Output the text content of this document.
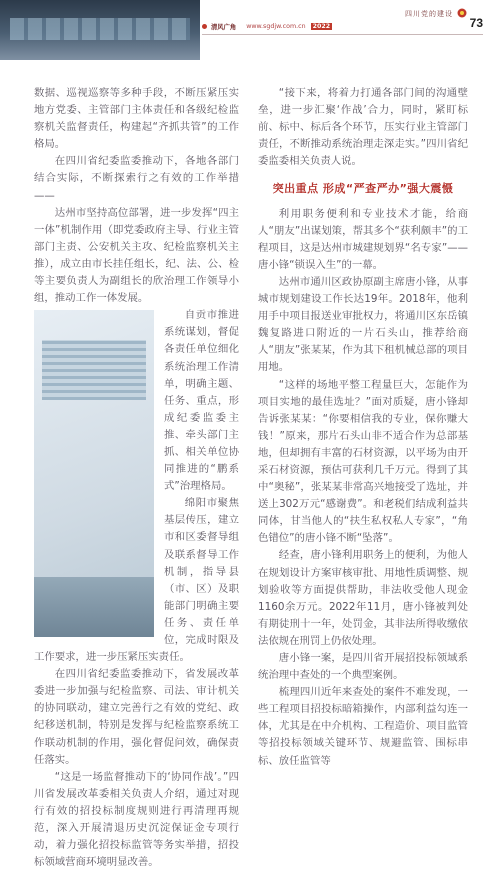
四川党的建设
73
清风广角 www.sgdjw.com.cn	2022

数据、巡视巡察等多种手段，不断压紧压实地方党委、主管部门主体责任和各级纪检监察机关监督责任，构建起“齐抓共管”的工作格局。

在四川省纪委监委推动下，各地各部门结合实际，不断探索行之有效的工作举措——

达州市坚持高位部署，进一步发挥“四主一体”机制作用（即党委政府主导、行业主管部门主责、公安机关主攻、纪检监察机关主推），成立由市长挂任组长，纪、法、公、检等主要负责人为副组长的欣治理工作领导小组，推动工作一体发展。

自贡市推进系统谋划，督促各责任单位细化系统治理工作清单，明确主题、任务、重点，形成纪委监委主推、牵头部门主抓、相关单位协同推进的“鹏系式”治理格局。

绵阳市聚焦基层传压，建立市和区委督导组及联系督导工作机制，指导县（市、区）及职能部门明确主要任务、责任单位，完成时限及工作要求，进一步压紧压实责任。

在四川省纪委监委推动下，省发展改革委进一步加强与纪检监察、司法、审计机关的协同联动，建立完善行之有效的党纪、政纪移送机制，特别是发挥与纪检监察系统工作联动机制的作用，强化督促问效，确保责任落实。

“这是一场监督推动下的‘协同作战’。”四川省发展改革委相关负责人介绍，通过对现行有效的招投标制度规则进行再清理再规范，深入开展清退历史沉淀保证金专项行动，着力强化招投标监管等务实举措，招投标领域营商环境明显改善。

“接下来，将着力打通各部门间的沟通壁垒，进一步汇聚‘作战’合力，同时，紧盯标前、标中、标后各个环节，压实行业主管部门责任，不断推动系统治理走深走实。”四川省纪委监委相关负责人说。

突出重点 形成“严查严办”强大震慑

利用职务便利和专业技术才能，给商人“朋友”出谋划策，帮其多个“获利颇丰”的工程项目，这是达州市城建规划界“名专家”——唐小锋“锁误入生”的一幕。

达州市通川区政协原副主席唐小锋，从事城市规划建设工作长达19年。2018年，他利用手中项目报送业审批权力，将通川区东岳镇魏复路进口附近的一片石头山，推荐给商人“朋友”张某某，作为其下租机械总部的项目用地。

“这样的场地平整工程量巨大，怎能作为项目实地的最佳选址？”面对质疑，唐小锋却告诉张某某：“你要相信我的专业，保你赚大钱！”原来，那片石头山非不适合作为总部基地，但却拥有丰富的石材资源，以平场为由开采石材资源，预估可获利几千万元。得到了其中“奥秘”，张某某非常高兴地接受了选址，并送上302万元“感谢费”。和老税们结成利益共同体，甘当他人的“扶生私权私人专家”，“角色错位”的唐小锋不断“坠落”。

经查，唐小锋利用职务上的便利，为他人在规划设计方案审核审批、用地性质调整、规划验收等方面提供帮助，非法收受他人现金1160余万元。2022年11月，唐小锋被判处有期徒刑十一年，处罚金，其非法所得收缴依法依规在刑罚上仍依处理。

唐小锋一案，是四川省开展招投标领域系统治理中查处的一个典型案例。

梳理四川近年来查处的案件不难发现，一些工程项目招投标暗箱操作，内部利益勾连一体，尤其是在中介机构、工程造价、项目监管等招投标领域关键环节、规避监管、围标串标、放任监管等
